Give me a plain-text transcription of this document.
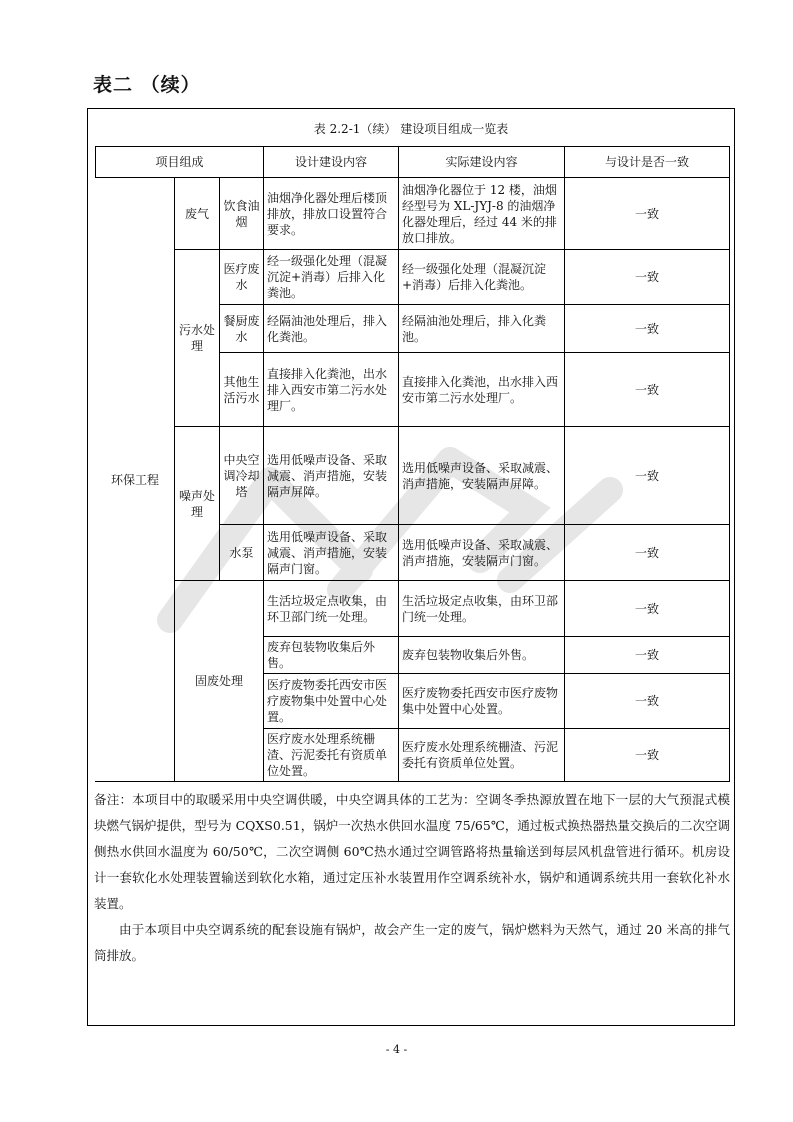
表二 （续）
表 2.2-1（续） 建设项目组成一览表
项目组成			设计建设内容	实际建设内容	与设计是否一致
环保工程	废气	饮食油烟	油烟净化器处理后楼顶排放，排放口设置符合要求。	油烟净化器位于 12 楼，油烟经型号为 XL-JYJ-8 的油烟净化器处理后，经过 44 米的排放口排放。	一致
	污水处理	医疗废水	经一级强化处理（混凝沉淀+消毒）后排入化粪池。	经一级强化处理（混凝沉淀+消毒）后排入化粪池。	一致
		餐厨废水	经隔油池处理后，排入化粪池。	经隔油池处理后，排入化粪池。	一致
		其他生活污水	直接排入化粪池，出水排入西安市第二污水处理厂。	直接排入化粪池，出水排入西安市第二污水处理厂。	一致
	噪声处理	中央空调冷却塔	选用低噪声设备、采取减震、消声措施，安装隔声屏障。	选用低噪声设备、采取减震、消声措施，安装隔声屏障。	一致
		水泵	选用低噪声设备、采取减震、消声措施，安装隔声门窗。	选用低噪声设备、采取减震、消声措施，安装隔声门窗。	一致
	固废处理		生活垃圾定点收集，由环卫部门统一处理。	生活垃圾定点收集，由环卫部门统一处理。	一致
			废弃包装物收集后外售。	废弃包装物收集后外售。	一致
			医疗废物委托西安市医疗废物集中处置中心处置。	医疗废物委托西安市医疗废物集中处置中心处置。	一致
			医疗废水处理系统栅渣、污泥委托有资质单位处置。	医疗废水处理系统栅渣、污泥委托有资质单位处置。	一致

备注：本项目中的取暖采用中央空调供暖，中央空调具体的工艺为：空调冬季热源放置在地下一层的大气预混式模块燃气锅炉提供，型号为 CQXS0.51，锅炉一次热水供回水温度 75/65℃，通过板式换热器热量交换后的二次空调侧热水供回水温度为 60/50℃，二次空调侧 60℃热水通过空调管路将热量输送到每层风机盘管进行循环。机房设计一套软化水处理装置输送到软化水箱，通过定压补水装置用作空调系统补水，锅炉和通调系统共用一套软化补水装置。

由于本项目中央空调系统的配套设施有锅炉，故会产生一定的废气，锅炉燃料为天然气，通过 20 米高的排气筒排放。

- 4 -
